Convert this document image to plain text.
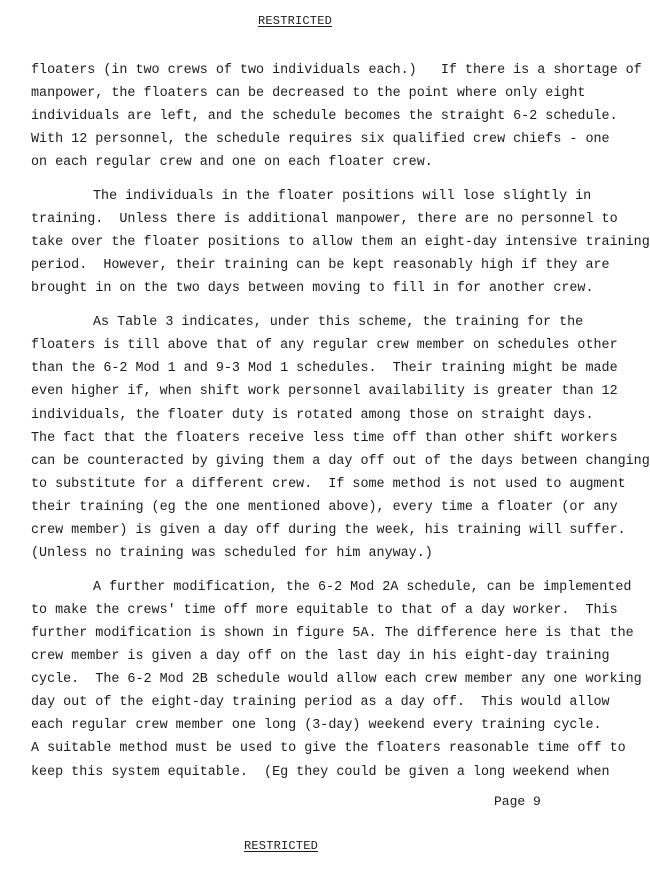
RESTRICTED
floaters (in two crews of two individuals each.)   If there is a shortage of
manpower, the floaters can be decreased to the point where only eight
individuals are left, and the schedule becomes the straight 6-2 schedule.
With 12 personnel, the schedule requires six qualified crew chiefs - one
on each regular crew and one on each floater crew.
The individuals in the floater positions will lose slightly in
training.  Unless there is additional manpower, there are no personnel to
take over the floater positions to allow them an eight-day intensive training
period.  However, their training can be kept reasonably high if they are
brought in on the two days between moving to fill in for another crew.
As Table 3 indicates, under this scheme, the training for the
floaters is till above that of any regular crew member on schedules other
than the 6-2 Mod 1 and 9-3 Mod 1 schedules.  Their training might be made
even higher if, when shift work personnel availability is greater than 12
individuals, the floater duty is rotated among those on straight days.
The fact that the floaters receive less time off than other shift workers
can be counteracted by giving them a day off out of the days between changing
to substitute for a different crew.  If some method is not used to augment
their training (eg the one mentioned above), every time a floater (or any
crew member) is given a day off during the week, his training will suffer.
(Unless no training was scheduled for him anyway.)
A further modification, the 6-2 Mod 2A schedule, can be implemented
to make the crews' time off more equitable to that of a day worker.  This
further modification is shown in figure 5A. The difference here is that the
crew member is given a day off on the last day in his eight-day training
cycle.  The 6-2 Mod 2B schedule would allow each crew member any one working
day out of the eight-day training period as a day off.  This would allow
each regular crew member one long (3-day) weekend every training cycle.
A suitable method must be used to give the floaters reasonable time off to
keep this system equitable.  (Eg they could be given a long weekend when
Page 9
RESTRICTED
